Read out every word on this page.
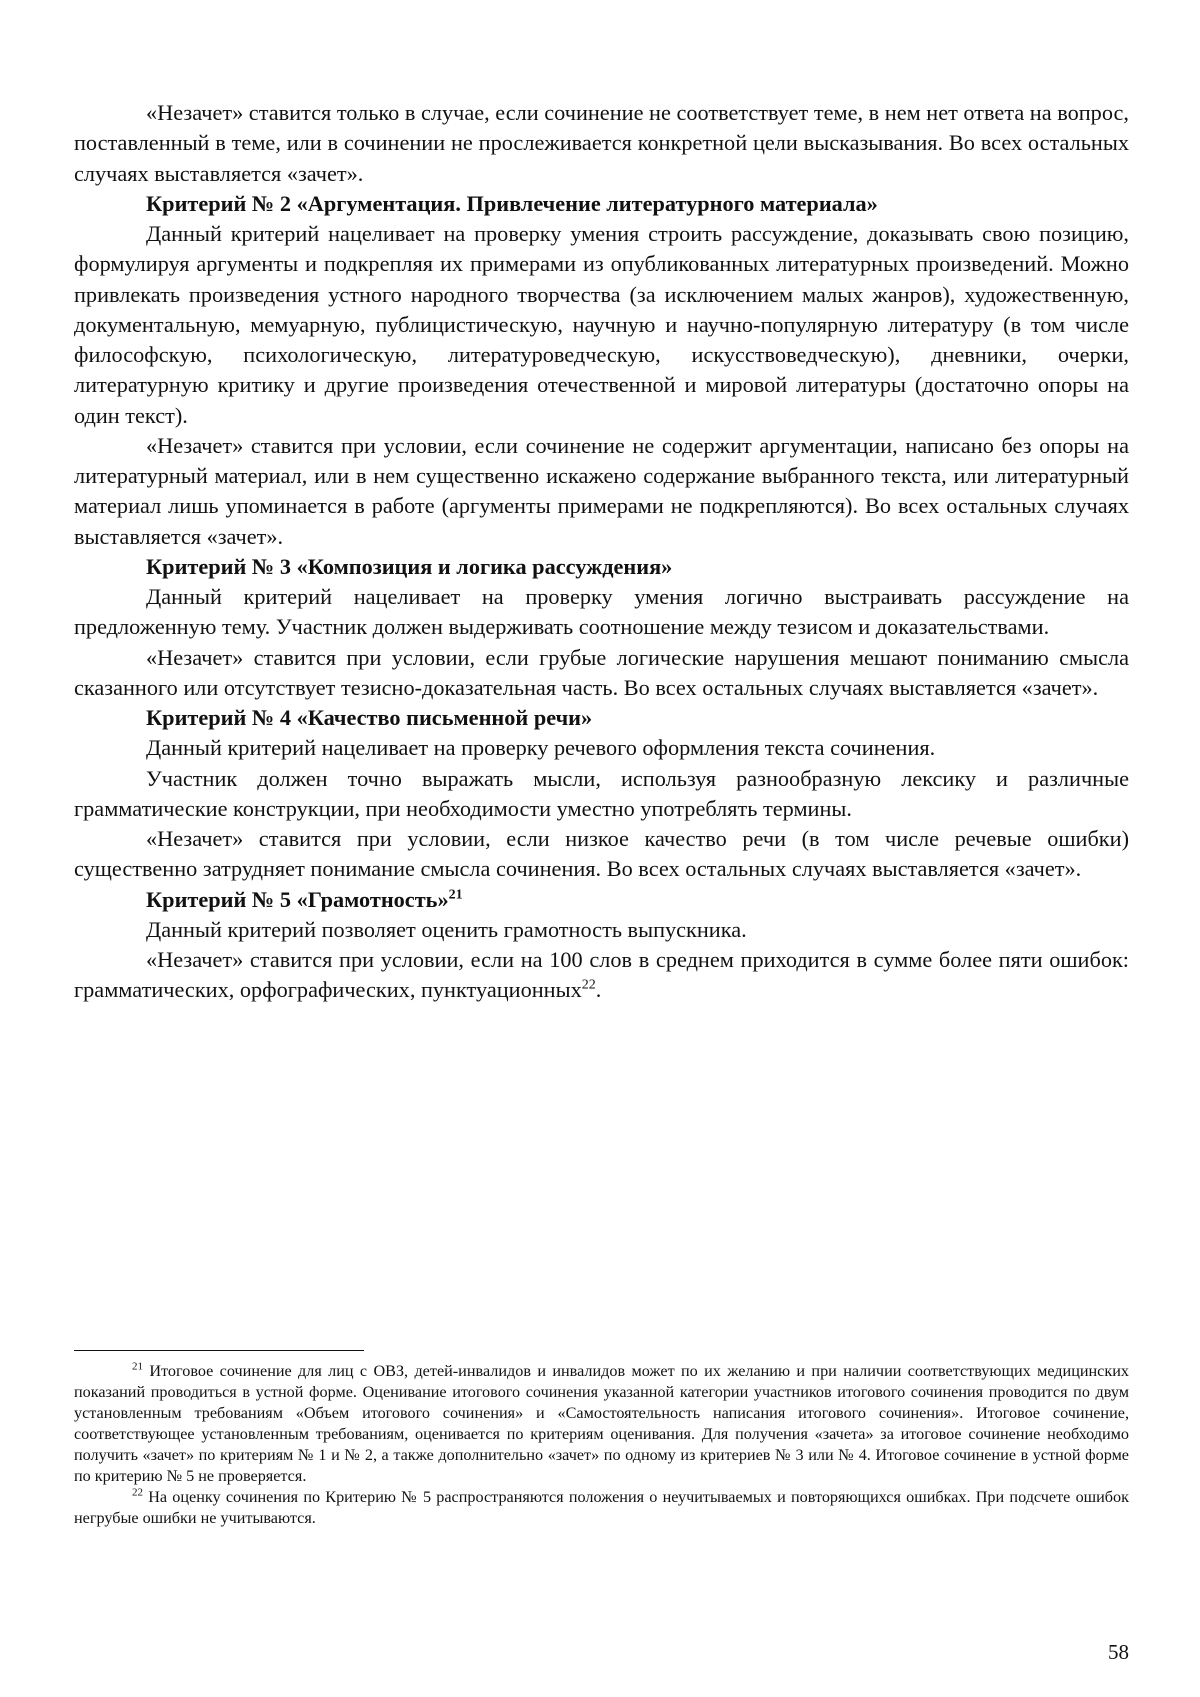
«Незачет» ставится только в случае, если сочинение не соответствует теме, в нем нет ответа на вопрос, поставленный в теме, или в сочинении не прослеживается конкретной цели высказывания. Во всех остальных случаях выставляется «зачет».

Критерий № 2 «Аргументация. Привлечение литературного материала»

Данный критерий нацеливает на проверку умения строить рассуждение, доказывать свою позицию, формулируя аргументы и подкрепляя их примерами из опубликованных литературных произведений. Можно привлекать произведения устного народного творчества (за исключением малых жанров), художественную, документальную, мемуарную, публицистическую, научную и научно-популярную литературу (в том числе философскую, психологическую, литературоведческую, искусствоведческую), дневники, очерки, литературную критику и другие произведения отечественной и мировой литературы (достаточно опоры на один текст).

«Незачет» ставится при условии, если сочинение не содержит аргументации, написано без опоры на литературный материал, или в нем существенно искажено содержание выбранного текста, или литературный материал лишь упоминается в работе (аргументы примерами не подкрепляются). Во всех остальных случаях выставляется «зачет».

Критерий № 3 «Композиция и логика рассуждения»

Данный критерий нацеливает на проверку умения логично выстраивать рассуждение на предложенную тему. Участник должен выдерживать соотношение между тезисом и доказательствами.

«Незачет» ставится при условии, если грубые логические нарушения мешают пониманию смысла сказанного или отсутствует тезисно-доказательная часть. Во всех остальных случаях выставляется «зачет».

Критерий № 4 «Качество письменной речи»

Данный критерий нацеливает на проверку речевого оформления текста сочинения.

Участник должен точно выражать мысли, используя разнообразную лексику и различные грамматические конструкции, при необходимости уместно употреблять термины.

«Незачет» ставится при условии, если низкое качество речи (в том числе речевые ошибки) существенно затрудняет понимание смысла сочинения. Во всех остальных случаях выставляется «зачет».

Критерий № 5 «Грамотность»$^{21}$

Данный критерий позволяет оценить грамотность выпускника.

«Незачет» ставится при условии, если на 100 слов в среднем приходится в сумме более пяти ошибок: грамматических, орфографических, пунктуационных$^{22}$.

$^{21}$ Итоговое сочинение для лиц с ОВЗ, детей-инвалидов и инвалидов может по их желанию и при наличии соответствующих медицинских показаний проводиться в устной форме. Оценивание итогового сочинения указанной категории участников итогового сочинения проводится по двум установленным требованиям «Объем итогового сочинения» и «Самостоятельность написания итогового сочинения». Итоговое сочинение, соответствующее установленным требованиям, оценивается по критериям оценивания. Для получения «зачета» за итоговое сочинение необходимо получить «зачет» по критериям № 1 и № 2, а также дополнительно «зачет» по одному из критериев № 3 или № 4. Итоговое сочинение в устной форме по критерию № 5 не проверяется.

$^{22}$ На оценку сочинения по Критерию № 5 распространяются положения о неучитываемых и повторяющихся ошибках. При подсчете ошибок негрубые ошибки не учитываются.

58
